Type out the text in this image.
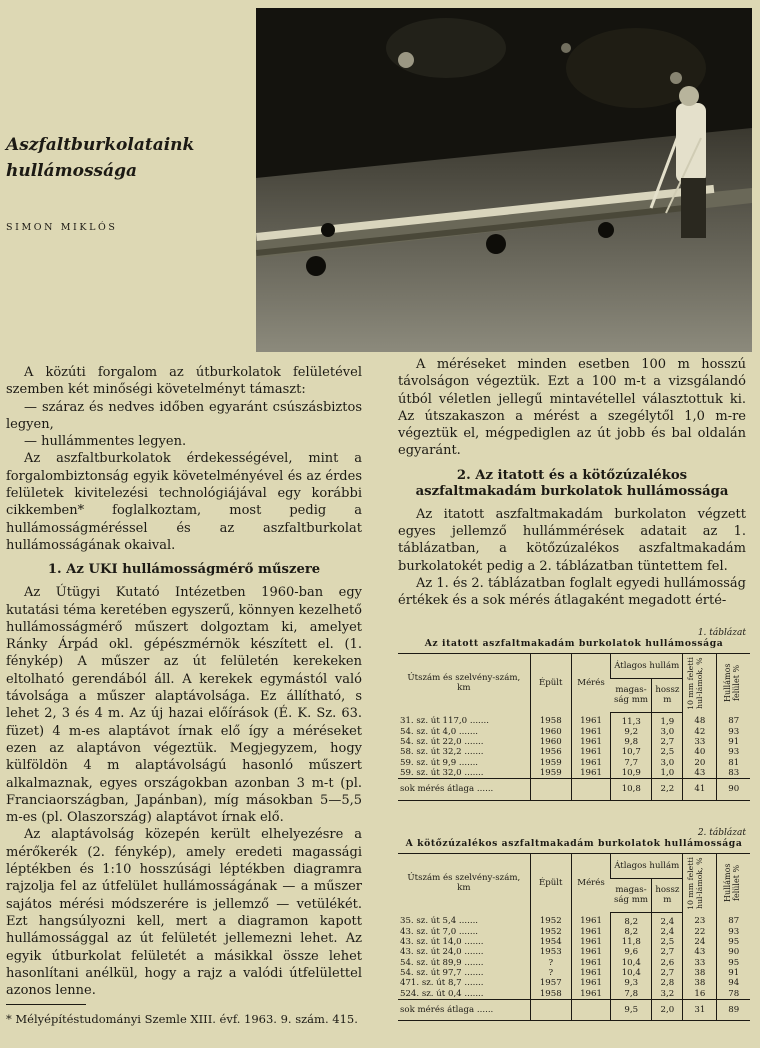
Aszfaltburkolataink
hullámossága
SIMON MIKLÓS

A közúti forgalom az útburkolatok felületével szemben két minőségi követelményt támaszt:

— száraz és nedves időben egyaránt csúszásbiztos legyen,

— hullámmentes legyen.

Az aszfaltburkolatok érdekességével, mint a forgalombiztonság egyik követelményével és az érdes felületek kivitelezési technológiájával egy korábbi cikkemben* foglalkoztam, most pedig a hullámosságméréssel és az aszfaltburkolat hullámosságának okaival.

1. Az UKI hullámosságmérő műszere

Az Útügyi Kutató Intézetben 1960-ban egy kutatási téma keretében egyszerű, könnyen kezelhető hullámosságmérő műszert dolgoztam ki, amelyet Ránky Árpád okl. gépészmérnök készített el. (1. fénykép) A műszer az út felületén kerekeken eltolható gerendából áll. A kerekek egymástól való távolsága a műszer alaptávolsága. Ez állítható, s lehet 2, 3 és 4 m. Az új hazai előírások (É. K. Sz. 63. füzet) 4 m-es alaptávot írnak elő így a méréseket ezen az alaptávon végeztük. Megjegyzem, hogy külföldön 4 m alaptávolságú hasonló műszert alkalmaznak, egyes országokban azonban 3 m-t (pl. Franciaországban, Japánban), míg másokban 5—5,5 m-es (pl. Olaszország) alaptávot írnak elő.

Az alaptávolság közepén került elhelyezésre a mérőkerék (2. fénykép), amely eredeti magassági léptékben és 1:10 hosszúsági léptékben diagramra rajzolja fel az útfelület hullámosságának — a műszer sajátos mérési módszerére is jellemző — vetülékét. Ezt hangsúlyozni kell, mert a diagramon kapott hullámossággal az út felületét jellemezni lehet. Az egyik útburkolat felületét a másikkal össze lehet hasonlítani anélkül, hogy a rajz a valódi útfelülettel azonos lenne.

* Mélyépítéstudományi Szemle XIII. évf. 1963. 9. szám. 415.

A méréseket minden esetben 100 m hosszú távolságon végeztük. Ezt a 100 m-t a vizsgálandó útból véletlen jellegű mintavétellel választottuk ki. Az útszakaszon a mérést a szegélytől 1,0 m-re végeztük el, mégpediglen az út jobb és bal oldalán egyaránt.

2. Az itatott és a kötőzúzalékos
aszfaltmakadám burkolatok hullámossága

Az itatott aszfaltmakadám burkolaton végzett egyes jellemző hullámmérések adatait az 1. táblázatban, a kötőzúzalékos aszfaltmakadám burkolatokét pedig a 2. táblázatban tüntettem fel.

Az 1. és 2. táblázatban foglalt egyedi hullámosság értékek és a sok mérés átlagaként megadott érté-

1. táblázat
Az itatott aszfaltmakadám burkolatok hullámossága
Útszám és szelvény-szám, km	Épült	Mérés	Átlagos hullám		10 mm feletti hul-lámok, %	Hullámos felület %

			magas-ság mm	hossz m		
31. sz. út 117,0 .......	1958	1961	11,3	1,9	48	87
54. sz. út 4,0 .......	1960	1961	9,2	3,0	42	93
54. sz. út 22,0 .......	1960	1961	9,8	2,7	33	91
58. sz. út 32,2 .......	1956	1961	10,7	2,5	40	93
59. sz. út 9,9 .......	1959	1961	7,7	3,0	20	81
59. sz. út 32,0 .......	1959	1961	10,9	1,0	43	83
sok mérés átlaga ......			10,8	2,2	41	90
2. táblázat
A kötőzúzalékos aszfaltmakadám burkolatok hullámossága
Útszám és szelvény-szám, km	Épült	Mérés	Átlagos hullám		10 mm feletti hul-lámok, %	Hullámos felület %

			magas-ság mm	hossz m		
35. sz. út 5,4 .......	1952	1961	8,2	2,4	23	87
43. sz. út 7,0 .......	1952	1961	8,2	2,4	22	93
43. sz. út 14,0 .......	1954	1961	11,8	2,5	24	95
43. sz. út 24,0 .......	1953	1961	9,6	2,7	43	90
54. sz. út 89,9 .......	?	1961	10,4	2,6	33	95
54. sz. út 97,7 .......	?	1961	10,4	2,7	38	91
471. sz. út 8,7 .......	1957	1961	9,3	2,8	38	94
524. sz. út 0,4 .......	1958	1961	7,8	3,2	16	78
sok mérés átlaga ......			9,5	2,0	31	89
